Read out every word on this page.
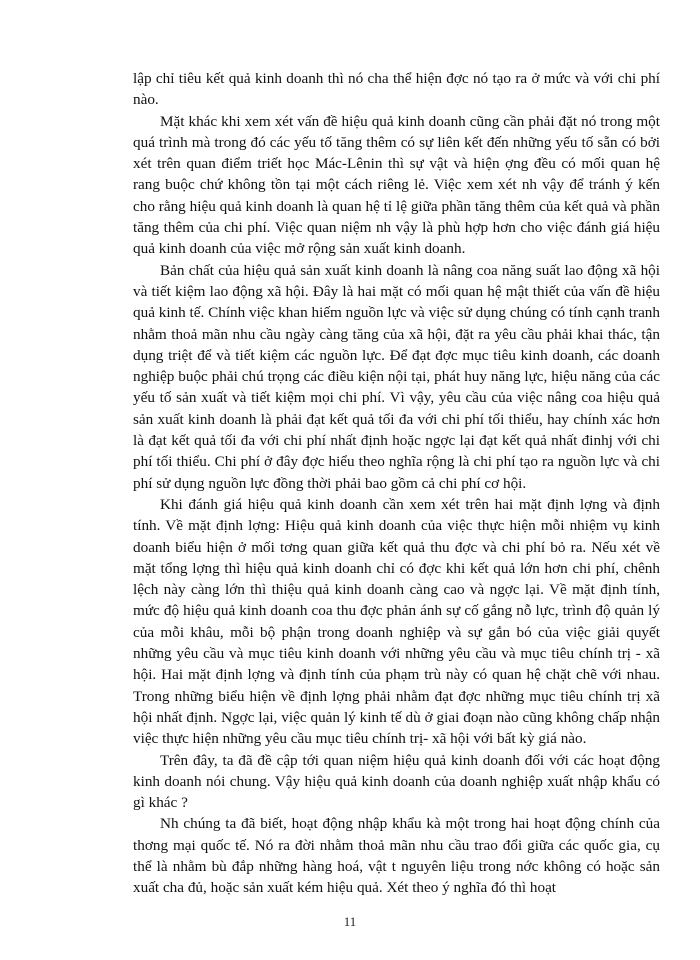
lập chỉ tiêu kết quả kinh doanh thì nó cha thể hiện đợc nó tạo ra ở mức và với chi phí nào.

Mặt khác khi xem xét vấn đề hiệu quả kinh doanh cũng cần phải đặt nó trong một quá trình mà trong đó các yếu tố tăng thêm có sự liên kết đến những yếu tố sẵn có bởi xét trên quan điểm triết học Mác-Lênin thì sự vật và hiện ợng đều có mối quan hệ rang buộc chứ không tồn tại một cách riêng lẻ. Việc xem xét nh vậy để tránh ý kến cho rằng hiệu quả kinh doanh là quan hệ tỉ lệ giữa phần tăng thêm của kết quả và phần tăng thêm của chi phí. Việc quan niệm nh vậy là phù hợp hơn cho việc đánh giá hiệu quả kinh doanh của việc mở rộng sản xuất kinh doanh.

Bản chất của hiệu quả sản xuất kinh doanh là nâng coa năng suất lao động xã hội và tiết kiệm lao động xã hội. Đây là hai mặt có mối quan hệ mật thiết của vấn đề hiệu quả kinh tế. Chính việc khan hiếm nguồn lực và việc sử dụng chúng có tính cạnh tranh nhằm thoả mãn nhu cầu ngày càng tăng của xã hội, đặt ra yêu cầu phải khai thác, tận dụng triệt để và tiết kiệm các nguồn lực. Để đạt đợc mục tiêu kinh doanh, các doanh nghiệp buộc phải chú trọng các điều kiện nội tại, phát huy năng lực, hiệu năng của các yếu tố sản xuất và tiết kiệm mọi chi phí. Vì vậy, yêu cầu của việc nâng coa hiệu quả sản xuất kinh doanh là phải đạt kết quả tối đa với chi phí tối thiểu, hay chính xác hơn là đạt kết quả tối đa với chi phí nhất định hoặc ngợc lại đạt kết quả nhất đinhj với chi phí tối thiểu. Chi phí ở đây đợc hiểu theo nghĩa rộng là chi phí tạo ra nguồn lực và chi phí sử dụng nguồn lực đồng thời phải bao gồm cả chi phí cơ hội.

Khi đánh giá hiệu quả kinh doanh cần xem xét trên hai mặt định lợng và định tính. Về mặt định lợng: Hiệu quả kinh doanh của việc thực hiện mỗi nhiệm vụ kinh doanh biểu hiện ở mối tơng quan giữa kết quả thu đợc và chi phí bỏ ra. Nếu xét về mặt tổng lợng thì hiệu quả kinh doanh chỉ có đợc khi kết quả lớn hơn chi phí, chênh lệch này càng lớn thì thiệu quả kinh doanh càng cao và ngợc lại. Về mặt định tính, mức độ hiệu quả kinh doanh coa thu đợc phản ánh sự cố gắng nỗ lực, trình độ quản lý của mỗi khâu, mỗi bộ phận trong doanh nghiệp và sự gắn bó của việc giải quyết những yêu cầu và mục tiêu kinh doanh với những yêu cầu và mục tiêu chính trị - xã hội. Hai mặt định lợng và định tính của phạm trù này có quan hệ chặt chẽ với nhau. Trong những biểu hiện về định lợng phải nhằm đạt đợc những mục tiêu chính trị xã hội nhất định. Ngợc lại, việc quản lý kinh tế dù ở giai đoạn nào cũng không chấp nhận việc thực hiện những yêu cầu mục tiêu chính trị- xã hội với bất kỳ giá nào.

Trên đây, ta đã đề cập tới quan niệm hiệu quả kinh doanh đối với các hoạt động kinh doanh nói chung. Vậy hiệu quả kinh doanh của doanh nghiệp xuất nhập khẩu có gì khác ?

Nh chúng ta đã biết, hoạt động nhập khẩu kà một trong hai hoạt động chính của thơng mại quốc tế. Nó ra đời nhằm thoả mãn nhu cầu trao đổi giữa các quốc gia, cụ thể là nhằm bù đắp những hàng hoá, vật t nguyên liệu trong nớc không có hoặc sản xuất cha đủ, hoặc sản xuất kém hiệu quả. Xét theo ý nghĩa đó thì hoạt

11
